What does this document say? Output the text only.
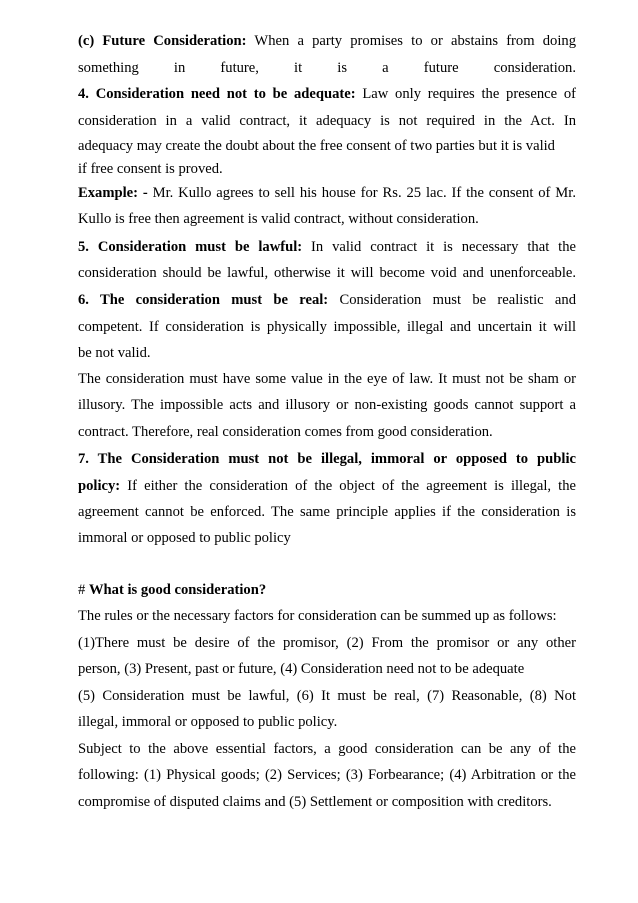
(c) Future Consideration: When a party promises to or abstains from doing
something in future, it is a future consideration.
4. Consideration need not to be adequate: Law only requires the presence of
consideration in a valid contract, it adequacy is not required in the Act. In
adequacy may create the doubt about the free consent of two parties but it is valid
if free consent is proved.
Example: - Mr. Kullo agrees to sell his house for Rs. 25 lac. If the consent of Mr.
Kullo is free then agreement is valid contract, without consideration.
5. Consideration must be lawful: In valid contract it is necessary that the
consideration should be lawful, otherwise it will become void and unenforceable.
6. The consideration must be real: Consideration must be realistic and
competent. If consideration is physically impossible, illegal and uncertain it will
be not valid.
The consideration must have some value in the eye of law. It must not be sham or
illusory. The impossible acts and illusory or non-existing goods cannot support a
contract. Therefore, real consideration comes from good consideration.
7. The Consideration must not be illegal, immoral or opposed to public
policy: If either the consideration of the object of the agreement is illegal, the
agreement cannot be enforced. The same principle applies if the consideration is
immoral or opposed to public policy
# What is good consideration?
The rules or the necessary factors for consideration can be summed up as follows:
(1)There must be desire of the promisor, (2) From the promisor or any other
person, (3) Present, past or future, (4) Consideration need not to be adequate
(5) Consideration must be lawful, (6) It must be real, (7) Reasonable, (8) Not
illegal, immoral or opposed to public policy.
Subject to the above essential factors, a good consideration can be any of the
following: (1) Physical goods; (2) Services; (3) Forbearance; (4) Arbitration or the
compromise of disputed claims and (5) Settlement or composition with creditors.
